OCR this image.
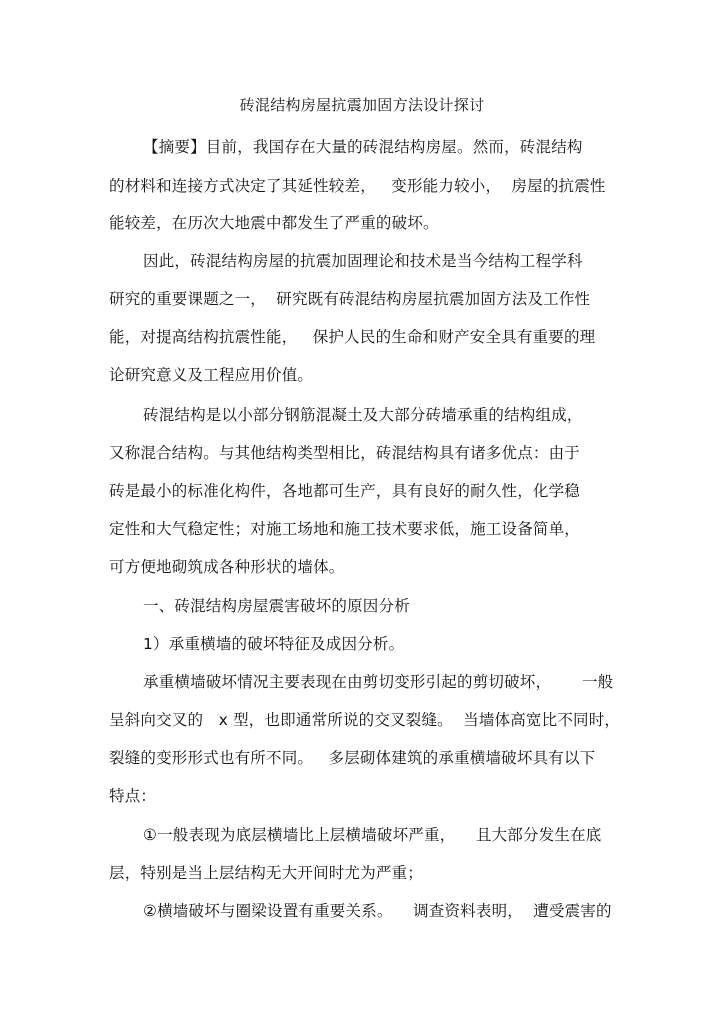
砖混结构房屋抗震加固方法设计探讨
【摘要】目前，我国存在大量的砖混结构房屋。然而，砖混结构
的材料和连接方式决定了其延性较差，   变形能力较小，  房屋的抗震性
能较差，在历次大地震中都发生了严重的破坏。
因此，砖混结构房屋的抗震加固理论和技术是当今结构工程学科
研究的重要课题之一，  研究既有砖混结构房屋抗震加固方法及工作性
能，对提高结构抗震性能，   保护人民的生命和财产安全具有重要的理
论研究意义及工程应用价值。
砖混结构是以小部分钢筋混凝土及大部分砖墙承重的结构组成，
又称混合结构。与其他结构类型相比，砖混结构具有诸多优点：由于
砖是最小的标准化构件，各地都可生产，具有良好的耐久性，化学稳
定性和大气稳定性；对施工场地和施工技术要求低，施工设备简单，
可方便地砌筑成各种形状的墙体。
一、砖混结构房屋震害破坏的原因分析
1）承重横墙的破坏特征及成因分析。
承重横墙破坏情况主要表现在由剪切变形引起的剪切破坏，      一般
呈斜向交叉的   x 型，也即通常所说的交叉裂缝。  当墙体高宽比不同时，
裂缝的变形形式也有所不同。   多层砌体建筑的承重横墙破坏具有以下
特点：
①一般表现为底层横墙比上层横墙破坏严重，    且大部分发生在底
层，特别是当上层结构无大开间时尤为严重；
②横墙破坏与圈梁设置有重要关系。    调查资料表明，  遭受震害的
